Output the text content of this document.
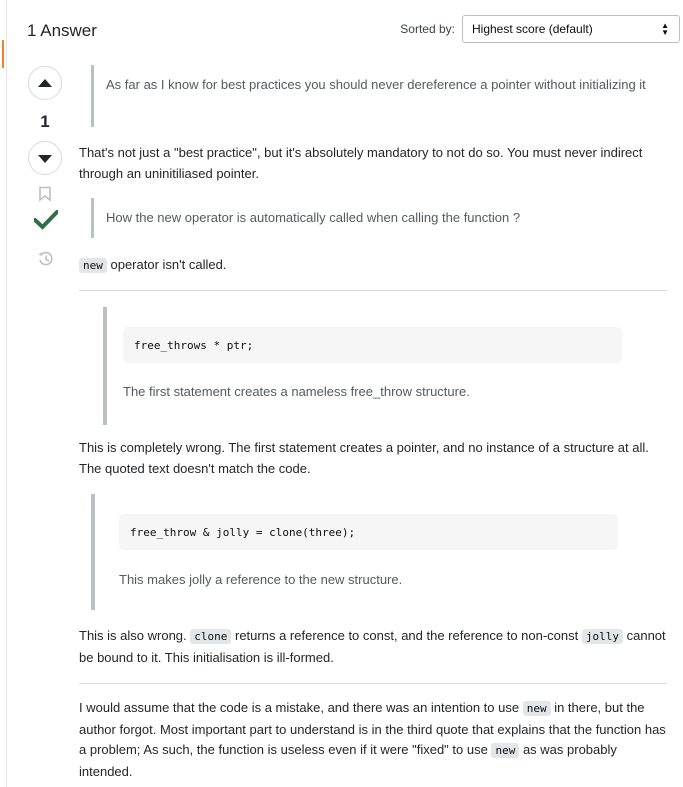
1 Answer	Sorted by:	Highest score (default)	▲
▼
1
As far as I know for best practices you should never dereference a pointer without initializing it

That's not just a "best practice", but it's absolutely mandatory to not do so. You must never indirect through an uninitiliased pointer.

How the new operator is automatically called when calling the function ?

new operator isn't called.

free_throws * ptr;
The first statement creates a nameless free_throw structure.

This is completely wrong. The first statement creates a pointer, and no instance of a structure at all. The quoted text doesn't match the code.

free_throw & jolly = clone(three);
This makes jolly a reference to the new structure.

This is also wrong. clone returns a reference to const, and the reference to non-const jolly cannot be bound to it. This initialisation is ill-formed.

I would assume that the code is a mistake, and there was an intention to use new in there, but the author forgot. Most important part to understand is in the third quote that explains that the function has a problem; As such, the function is useless even if it were "fixed" to use new as was probably intended.
